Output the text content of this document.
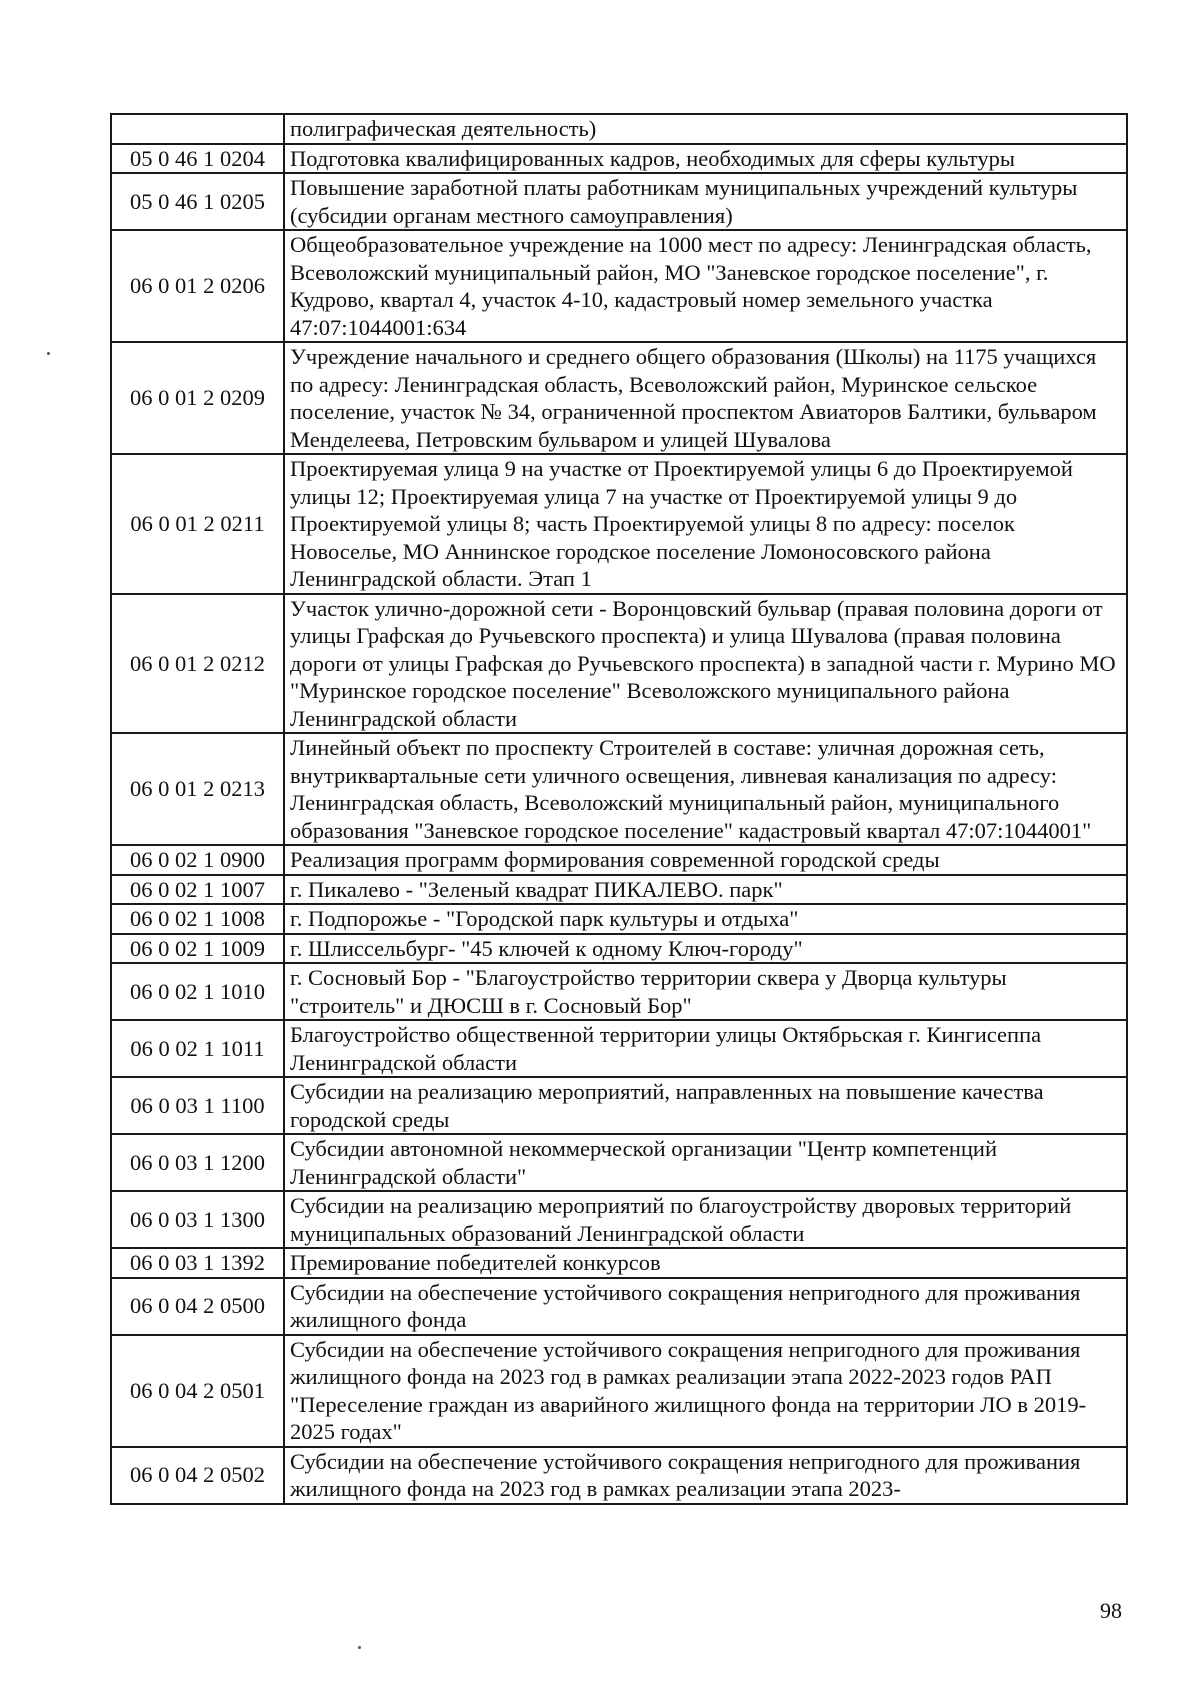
	полиграфическая деятельность)
05 0 46 1 0204	Подготовка квалифицированных кадров, необходимых для сферы культуры
05 0 46 1 0205	Повышение заработной платы работникам муниципальных учреждений культуры (субсидии органам местного самоуправления)
06 0 01 2 0206	Общеобразовательное учреждение на 1000 мест по адресу: Ленинградская область, Всеволожский муниципальный район, МО "Заневское городское поселение", г. Кудрово, квартал 4, участок 4-10, кадастровый номер земельного участка 47:07:1044001:634
06 0 01 2 0209	Учреждение начального и среднего общего образования (Школы) на 1175 учащихся по адресу: Ленинградская область, Всеволожский район, Муринское сельское поселение, участок № 34, ограниченной проспектом Авиаторов Балтики, бульваром Менделеева, Петровским бульваром и улицей Шувалова
06 0 01 2 0211	Проектируемая улица 9 на участке от Проектируемой улицы 6 до Проектируемой улицы 12; Проектируемая улица 7 на участке от Проектируемой улицы 9 до Проектируемой улицы 8; часть Проектируемой улицы 8 по адресу: поселок Новоселье, МО Аннинское городское поселение Ломоносовского района Ленинградской области. Этап 1
06 0 01 2 0212	Участок улично-дорожной сети - Воронцовский бульвар (правая половина дороги от улицы Графская до Ручьевского проспекта) и улица Шувалова (правая половина дороги от улицы Графская до Ручьевского проспекта) в западной части г. Мурино МО "Муринское городское поселение" Всеволожского муниципального района Ленинградской области
06 0 01 2 0213	Линейный объект по проспекту Строителей в составе: уличная дорожная сеть, внутриквартальные сети уличного освещения, ливневая канализация по адресу: Ленинградская область, Всеволожский муниципальный район, муниципального образования "Заневское городское поселение" кадастровый квартал 47:07:1044001"
06 0 02 1 0900	Реализация программ формирования современной городской среды
06 0 02 1 1007	г. Пикалево - "Зеленый квадрат ПИКАЛЕВО. парк"
06 0 02 1 1008	г. Подпорожье - "Городской парк культуры и отдыха"
06 0 02 1 1009	г. Шлиссельбург- "45 ключей к одному Ключ-городу"
06 0 02 1 1010	г. Сосновый Бор - "Благоустройство территории сквера у Дворца культуры "строитель" и ДЮСШ в г. Сосновый Бор"
06 0 02 1 1011	Благоустройство общественной территории улицы Октябрьская г. Кингисеппа Ленинградской области
06 0 03 1 1100	Субсидии на реализацию мероприятий, направленных на повышение качества городской среды
06 0 03 1 1200	Субсидии автономной некоммерческой организации "Центр компетенций Ленинградской области"
06 0 03 1 1300	Субсидии на реализацию мероприятий по благоустройству дворовых территорий муниципальных образований Ленинградской области
06 0 03 1 1392	Премирование победителей конкурсов
06 0 04 2 0500	Субсидии на обеспечение устойчивого сокращения непригодного для проживания жилищного фонда
06 0 04 2 0501	Субсидии на обеспечение устойчивого сокращения непригодного для проживания жилищного фонда на 2023 год в рамках реализации этапа 2022-2023 годов РАП "Переселение граждан из аварийного жилищного фонда на территории ЛО в 2019-2025 годах"
06 0 04 2 0502	Субсидии на обеспечение устойчивого сокращения непригодного для проживания жилищного фонда на 2023 год в рамках реализации этапа 2023-
98
